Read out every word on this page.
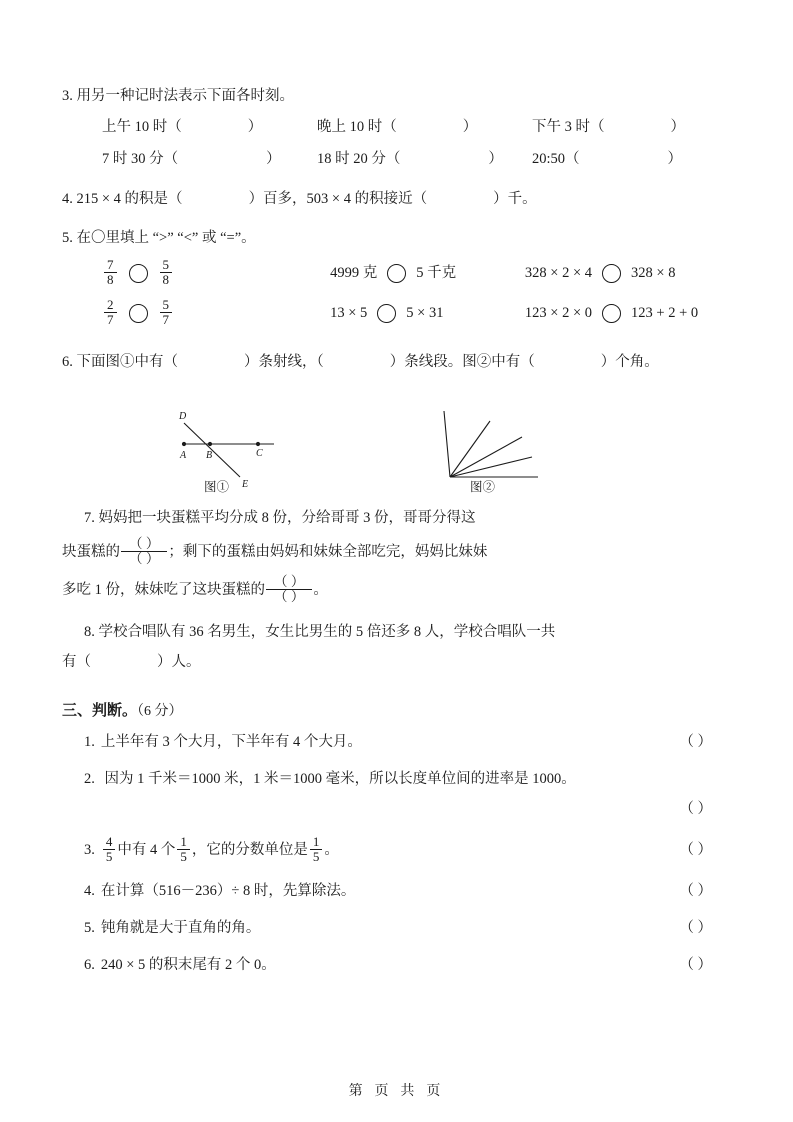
3. 用另一种记时法表示下面各时刻。
上午 10 时（	）	晚上 10 时（	）	下午 3 时（	）
7 时 30 分（	）	18 时 20 分（	）	20:50（	）
4. 215 × 4 的积是（	）百多，503 × 4 的积接近（	）千。
5. 在〇里填上 “>” “<” 或 “=”。
$\frac{7}{8}$	$\frac{5}{8}$	4999 克	5 千克	328 × 2 × 4	328 × 8
$\frac{2}{7}$	$\frac{5}{7}$	13 × 5	5 × 31	123 × 2 × 0	123 + 2 + 0
6. 下面图①中有（	）条射线，（	）条线段。图②中有（	）个角。
A B	C
D
E
图①	图②
7. 妈妈把一块蛋糕平均分成 8 份，分给哥哥 3 份，哥哥分得这
块蛋糕的
（ ）
（ ） ；剩下的蛋糕由妈妈和妹妹全部吃完，妈妈比妹妹
多吃 1 份，妹妹吃了这块蛋糕的
（ ）
（ ） 。
8. 学校合唱队有 36 名男生，女生比男生的 5 倍还多 8 人，学校合唱队一共
有（	）人。
三、判断。（6 分）
1. 上半年有 3 个大月，下半年有 4 个大月。	（ ）
2. 因为 1 千米＝1000 米，1 米＝1000 毫米，所以长度单位间的进率是 1000。
（ ）
3. $\frac{4}{5}$ 中有 4 个 $\frac{1}{5}$ ，它的分数单位是 $\frac{1}{5}$ 。	（ ）
4. 在计算（516－236）÷ 8 时，先算除法。	（ ）
5. 钝角就是大于直角的角。	（ ）
6. 240 × 5 的积末尾有 2 个 0。	（ ）
第 页 共 页
